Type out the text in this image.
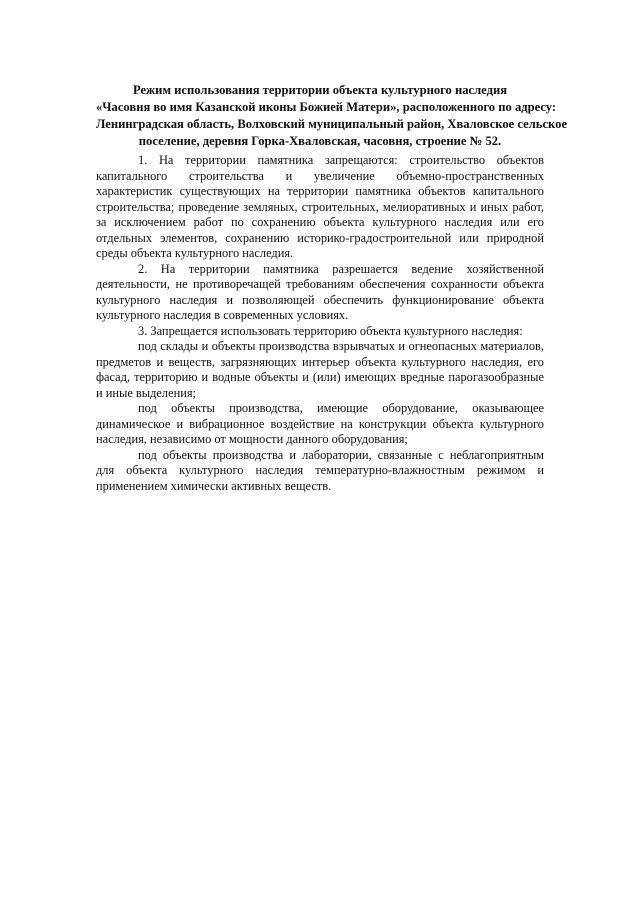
Режим использования территории объекта культурного наследия
«Часовня во имя Казанской иконы Божией Матери», расположенного по адресу:
Ленинградская область, Волховский муниципальный район, Хваловское сельское
поселение, деревня Горка-Хваловская, часовня, строение № 52.

1. На территории памятника запрещаются: строительство объектов капитального строительства и увеличение объемно-пространственных характеристик существующих на территории памятника объектов капитального строительства; проведение земляных, строительных, мелиоративных и иных работ, за исключением работ по сохранению объекта культурного наследия или его отдельных элементов, сохранению историко-градостроительной или природной среды объекта культурного наследия.

2. На территории памятника разрешается ведение хозяйственной деятельности, не противоречащей требованиям обеспечения сохранности объекта культурного наследия и позволяющей обеспечить функционирование объекта культурного наследия в современных условиях.

3. Запрещается использовать территорию объекта культурного наследия:

под склады и объекты производства взрывчатых и огнеопасных материалов, предметов и веществ, загрязняющих интерьер объекта культурного наследия, его фасад, территорию и водные объекты и (или) имеющих вредные парогазообразные и иные выделения;

под объекты производства, имеющие оборудование, оказывающее динамическое и вибрационное воздействие на конструкции объекта культурного наследия, независимо от мощности данного оборудования;

под объекты производства и лаборатории, связанные с неблагоприятным для объекта культурного наследия температурно-влажностным режимом и применением химически активных веществ.
